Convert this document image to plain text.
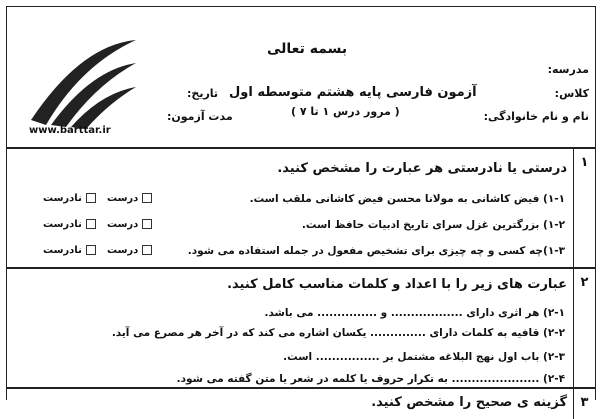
www.barttar.ir
بسمه تعالی
آزمون فارسی پایه هشتم متوسطه اول
( مرور درس ۱ تا ۷ )
مدرسه:
کلاس:
نام و نام خانوادگی:
تاریخ:
مدت آزمون:
۱
درستی یا نادرستی هر عبارت را مشخص کنید.
۱-۱) فیض کاشانی به مولانا محسن فیض کاشانی ملقب است.
۱-۲) بزرگترین غزل سرای تاریخ ادبیات حافظ است.
۱-۳)چه کسی و چه چیزی برای تشخیص مفعول در جمله استفاده می شود.
درست
نادرست
درست
نادرست
درست
نادرست
۲
عبارت های زیر را با اعداد و کلمات مناسب کامل کنید.
۲-۱) هر اثری دارای .................. و ............... می باشد.
۲-۲) قافیه به کلمات دارای .............. یکسان اشاره می کند که در آخر هر مصرع می آید.
۲-۳) باب اول نهج البلاغه مشتمل بر ................ است.
۲-۴) ...................... به تکرار حروف یا کلمه در شعر یا متن گفته می شود.
۳
گزینه ی صحیح را مشخص کنید.
